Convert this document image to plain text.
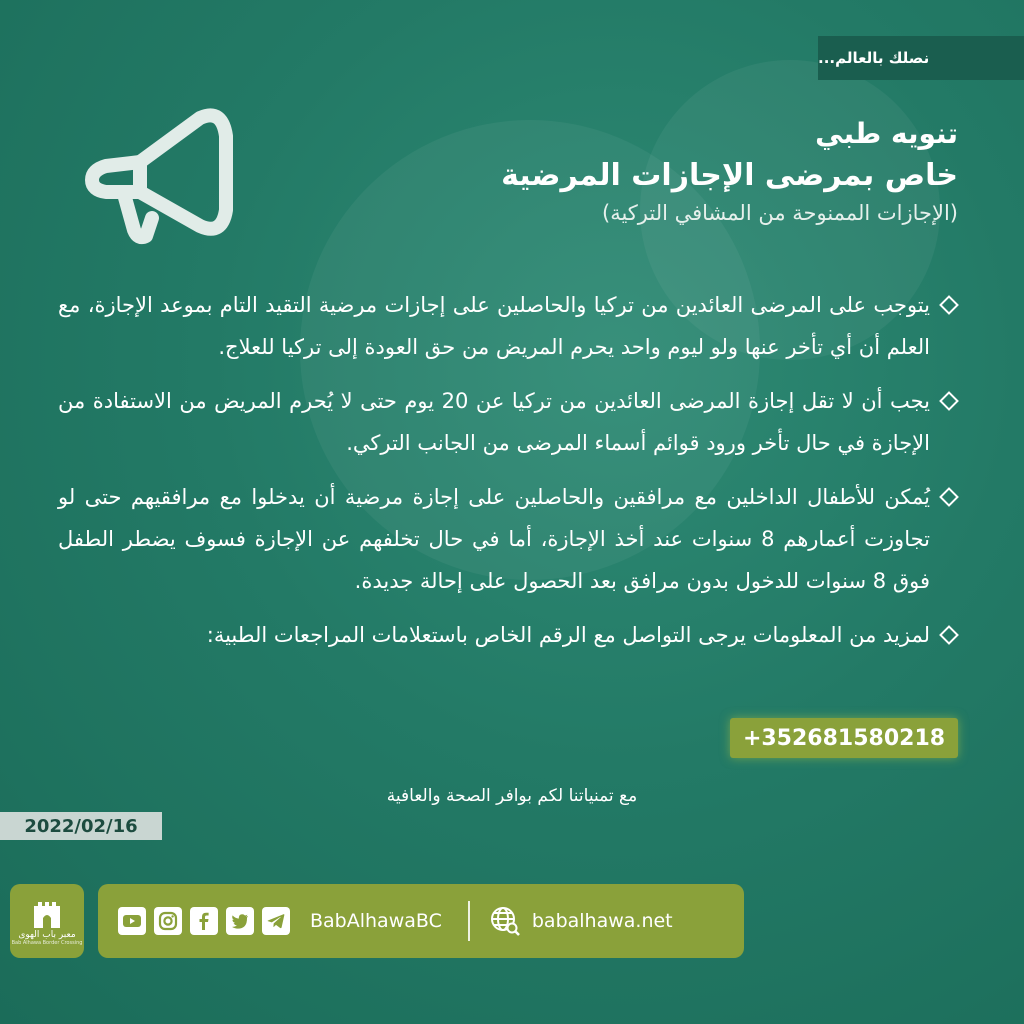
نصلك بالعالم...
تنويه طبي
خاص بمرضى الإجازات المرضية
(الإجازات الممنوحة من المشافي التركية)
يتوجب على المرضى العائدين من تركيا والحاصلين على إجازات مرضية التقيد التام بموعد الإجازة، مع العلم أن أي تأخر عنها ولو ليوم واحد يحرم المريض من حق العودة إلى تركيا للعلاج.
يجب أن لا تقل إجازة المرضى العائدين من تركيا عن 20 يوم حتى لا يُحرم المريض من الاستفادة من الإجازة في حال تأخر ورود قوائم أسماء المرضى من الجانب التركي.
يُمكن للأطفال الداخلين مع مرافقين والحاصلين على إجازة مرضية أن يدخلوا مع مرافقيهم حتى لو تجاوزت أعمارهم 8 سنوات عند أخذ الإجازة، أما في حال تخلفهم عن الإجازة فسوف يضطر الطفل فوق 8 سنوات للدخول بدون مرافق بعد الحصول على إحالة جديدة.
لمزيد من المعلومات يرجى التواصل مع الرقم الخاص باستعلامات المراجعات الطبية:
+352681580218
مع تمنياتنا لكم بوافر الصحة والعافية
2022/02/16
معبر باب الهوى
Bab Alhawa Border Crossing
BabAlhawaBC	babalhawa.net
